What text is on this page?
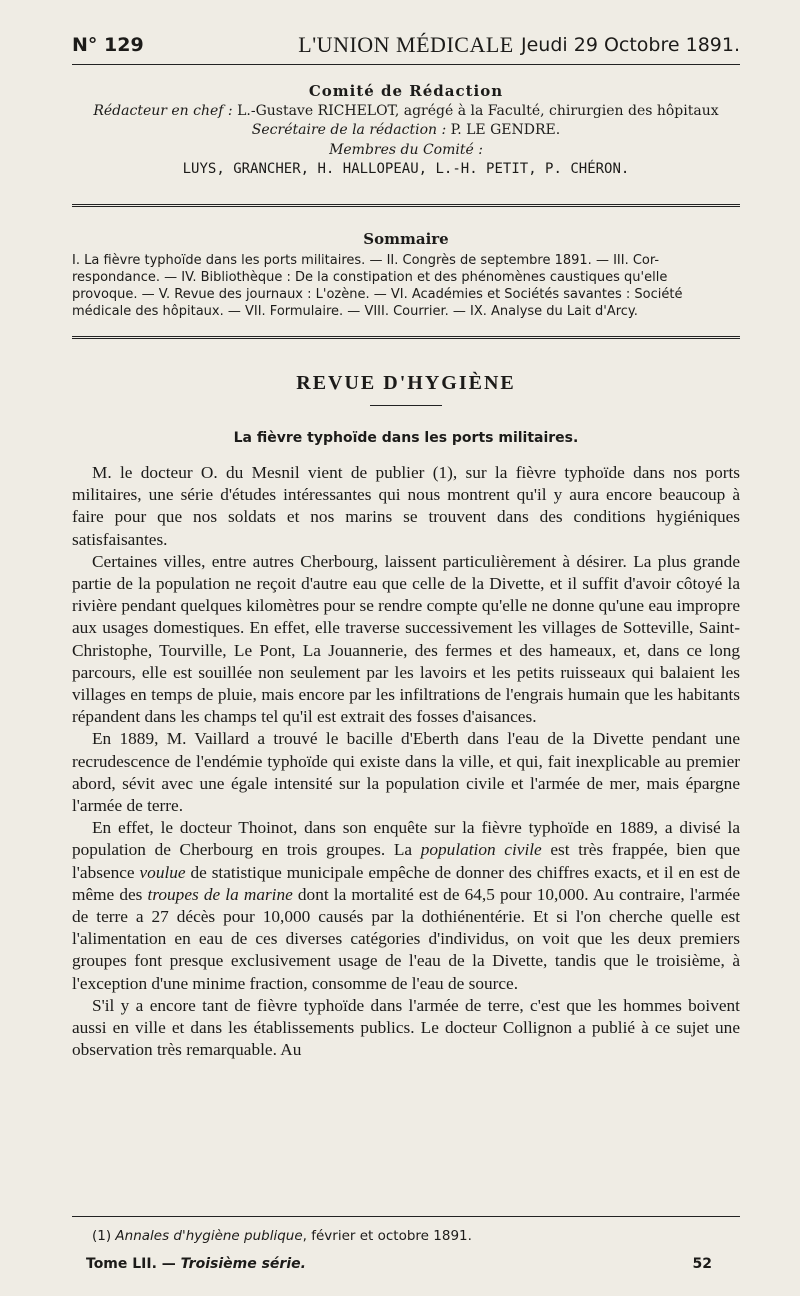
N° 129	L'UNION MÉDICALE Jeudi 29 Octobre 1891.
Comité de Rédaction
Rédacteur en chef : L.-Gustave RICHELOT, agrégé à la Faculté, chirurgien des hôpitaux
Secrétaire de la rédaction : P. LE GENDRE.
Membres du Comité :
LUYS, GRANCHER, H. HALLOPEAU, L.-H. PETIT, P. CHÉRON.
Sommaire
I. La fièvre typhoïde dans les ports militaires. — II. Congrès de septembre 1891. — III. Cor-
respondance. — IV. Bibliothèque : De la constipation et des phénomènes caustiques qu'elle
provoque. — V. Revue des journaux : L'ozène. — VI. Académies et Sociétés savantes : Société
médicale des hôpitaux. — VII. Formulaire. — VIII. Courrier. — IX. Analyse du Lait d'Arcy.
REVUE D'HYGIÈNE
La fièvre typhoïde dans les ports militaires.

M. le docteur O. du Mesnil vient de publier (1), sur la fièvre typhoïde dans nos ports militaires, une série d'études intéressantes qui nous montrent qu'il y aura encore beaucoup à faire pour que nos soldats et nos marins se trouvent dans des conditions hygiéniques satisfaisantes.

Certaines villes, entre autres Cherbourg, laissent particulièrement à désirer. La plus grande partie de la population ne reçoit d'autre eau que celle de la Divette, et il suffit d'avoir côtoyé la rivière pendant quelques kilomètres pour se rendre compte qu'elle ne donne qu'une eau impropre aux usages domestiques. En effet, elle traverse successivement les villages de Sotteville, Saint-Christophe, Tourville, Le Pont, La Jouannerie, des fermes et des hameaux, et, dans ce long parcours, elle est souillée non seulement par les lavoirs et les petits ruisseaux qui balaient les villages en temps de pluie, mais encore par les infiltrations de l'engrais humain que les habitants répandent dans les champs tel qu'il est extrait des fosses d'aisances.

En 1889, M. Vaillard a trouvé le bacille d'Eberth dans l'eau de la Divette pendant une recrudescence de l'endémie typhoïde qui existe dans la ville, et qui, fait inexplicable au premier abord, sévit avec une égale intensité sur la population civile et l'armée de mer, mais épargne l'armée de terre.

En effet, le docteur Thoinot, dans son enquête sur la fièvre typhoïde en 1889, a divisé la population de Cherbourg en trois groupes. La population civile est très frappée, bien que l'absence voulue de statistique municipale empêche de donner des chiffres exacts, et il en est de même des troupes de la marine dont la mortalité est de 64,5 pour 10,000. Au contraire, l'armée de terre a 27 décès pour 10,000 causés par la dothiénentérie. Et si l'on cherche quelle est l'alimentation en eau de ces diverses catégories d'individus, on voit que les deux premiers groupes font presque exclusivement usage de l'eau de la Divette, tandis que le troisième, à l'exception d'une minime fraction, consomme de l'eau de source.

S'il y a encore tant de fièvre typhoïde dans l'armée de terre, c'est que les hommes boivent aussi en ville et dans les établissements publics. Le docteur Collignon a publié à ce sujet une observation très remarquable. Au

(1) Annales d'hygiène publique, février et octobre 1891.
Tome LII. — Troisième série.	52
